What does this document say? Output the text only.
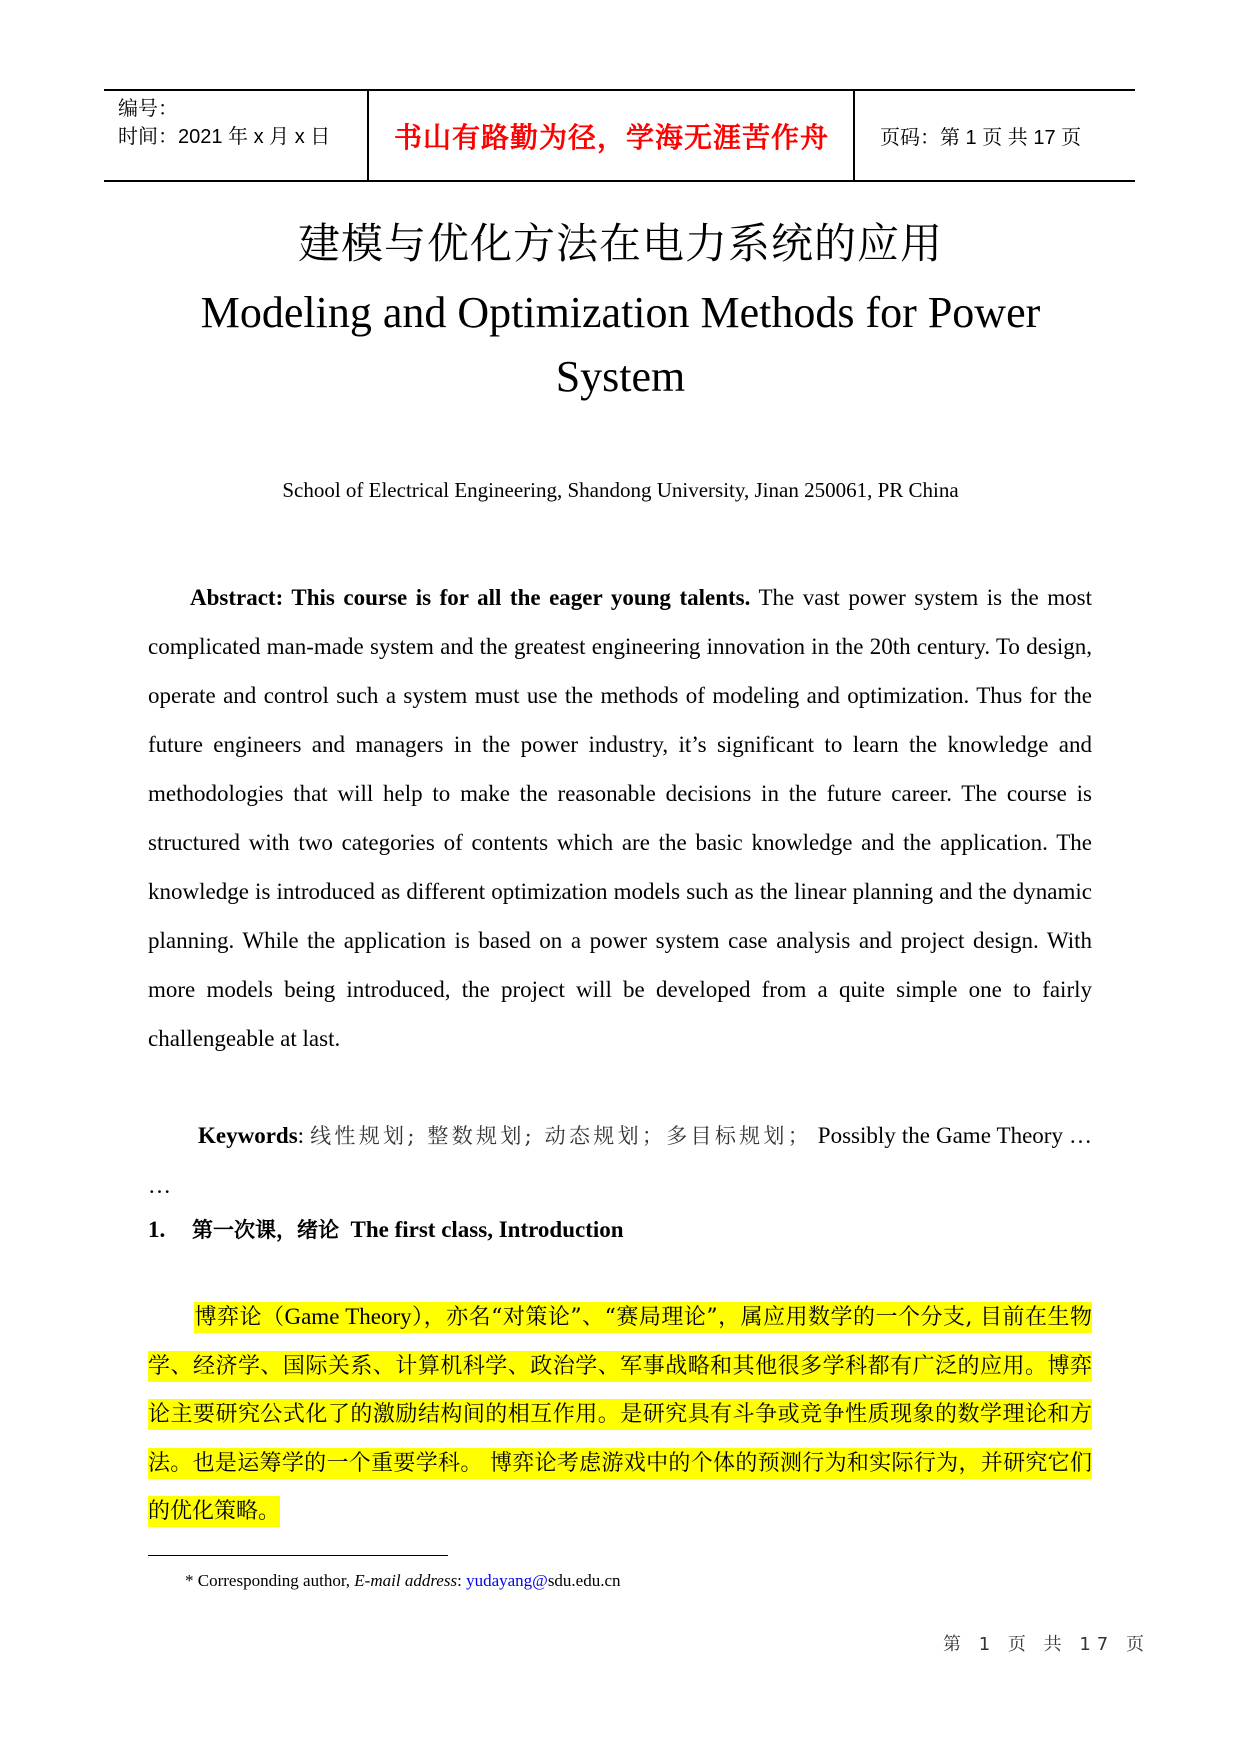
编号：
时间：2021 年 x 月 x 日	书山有路勤为径，学海无涯苦作舟	页码：第 1 页 共 17 页
建模与优化方法在电力系统的应用
Modeling and Optimization Methods for Power System
School of Electrical Engineering, Shandong University, Jinan 250061, PR China
Abstract: This course is for all the eager young talents. The vast power system is the most complicated man-made system and the greatest engineering innovation in the 20th century. To design, operate and control such a system must use the methods of modeling and optimization. Thus for the future engineers and managers in the power industry, it’s significant to learn the knowledge and methodologies that will help to make the reasonable decisions in the future career. The course is structured with two categories of contents which are the basic knowledge and the application. The knowledge is introduced as different optimization models such as the linear planning and the dynamic planning. While the application is based on a power system case analysis and project design. With more models being introduced, the project will be developed from a quite simple one to fairly challengeable at last.
Keywords: 线性规划; 整数规划; 动态规划；多目标规划； Possibly the Game Theory … …
1. 第一次课，绪论 The first class, Introduction
博弈论（Game Theory），亦名“对策论”、“赛局理论”，属应用数学的一个分支, 目前在生物学、经济学、国际关系、计算机科学、政治学、军事战略和其他很多学科都有广泛的应用。博弈论主要研究公式化了的激励结构间的相互作用。是研究具有斗争或竞争性质现象的数学理论和方法。也是运筹学的一个重要学科。 博弈论考虑游戏中的个体的预测行为和实际行为，并研究它们的优化策略。
* Corresponding author, E-mail address: yudayang@sdu.edu.cn
第 1 页 共 17 页
